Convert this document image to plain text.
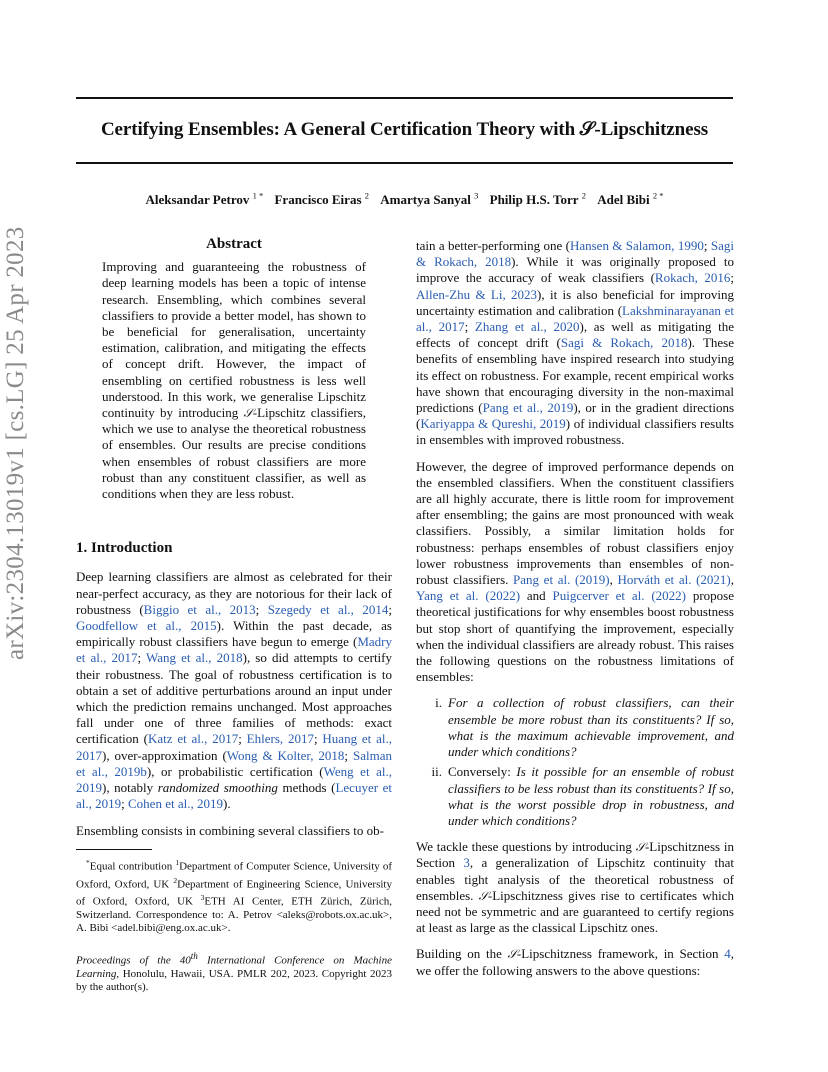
arXiv:2304.13019v1 [cs.LG] 25 Apr 2023
Certifying Ensembles: A General Certification Theory with 𝒮-Lipschitzness
Aleksandar Petrov $^{1 *}$ Francisco Eiras $^2$ Amartya Sanyal $^3$ Philip H.S. Torr $^2$ Adel Bibi $^{2 *}$
Abstract

Improving and guaranteeing the robustness of deep learning models has been a topic of intense research. Ensembling, which combines several classifiers to provide a better model, has shown to be beneficial for generalisation, uncertainty estimation, calibration, and mitigating the effects of concept drift. However, the impact of ensembling on certified robustness is less well understood. In this work, we generalise Lipschitz continuity by introducing 𝒮-Lipschitz classifiers, which we use to analyse the theoretical robustness of ensembles. Our results are precise conditions when ensembles of robust classifiers are more robust than any constituent classifier, as well as conditions when they are less robust.

1. Introduction

Deep learning classifiers are almost as celebrated for their near-perfect accuracy, as they are notorious for their lack of robustness (Biggio et al., 2013; Szegedy et al., 2014; Goodfellow et al., 2015). Within the past decade, as empirically robust classifiers have begun to emerge (Madry et al., 2017; Wang et al., 2018), so did attempts to certify their robustness. The goal of robustness certification is to obtain a set of additive perturbations around an input under which the prediction remains unchanged. Most approaches fall under one of three families of methods: exact certification (Katz et al., 2017; Ehlers, 2017; Huang et al., 2017), over-approximation (Wong & Kolter, 2018; Salman et al., 2019b), or probabilistic certification (Weng et al., 2019), notably randomized smoothing methods (Lecuyer et al., 2019; Cohen et al., 2019).

Ensembling consists in combining several classifiers to ob-

*Equal contribution $^1$Department of Computer Science, University of Oxford, Oxford, UK $^2$Department of Engineering Science, University of Oxford, Oxford, UK $^3$ETH AI Center, ETH Zürich, Zürich, Switzerland. Correspondence to: A. Petrov <aleks@robots.ox.ac.uk>, A. Bibi <adel.bibi@eng.ox.ac.uk>.

Proceedings of the 40th International Conference on Machine Learning, Honolulu, Hawaii, USA. PMLR 202, 2023. Copyright 2023 by the author(s).

tain a better-performing one (Hansen & Salamon, 1990; Sagi & Rokach, 2018). While it was originally proposed to improve the accuracy of weak classifiers (Rokach, 2016; Allen-Zhu & Li, 2023), it is also beneficial for improving uncertainty estimation and calibration (Lakshminarayanan et al., 2017; Zhang et al., 2020), as well as mitigating the effects of concept drift (Sagi & Rokach, 2018). These benefits of ensembling have inspired research into studying its effect on robustness. For example, recent empirical works have shown that encouraging diversity in the non-maximal predictions (Pang et al., 2019), or in the gradient directions (Kariyappa & Qureshi, 2019) of individual classifiers results in ensembles with improved robustness.

However, the degree of improved performance depends on the ensembled classifiers. When the constituent classifiers are all highly accurate, there is little room for improvement after ensembling; the gains are most pronounced with weak classifiers. Possibly, a similar limitation holds for robustness: perhaps ensembles of robust classifiers enjoy lower robustness improvements than ensembles of non-robust classifiers. Pang et al. (2019), Horváth et al. (2021), Yang et al. (2022) and Puigcerver et al. (2022) propose theoretical justifications for why ensembles boost robustness but stop short of quantifying the improvement, especially when the individual classifiers are already robust. This raises the following questions on the robustness limitations of ensembles:

i. For a collection of robust classifiers, can their ensemble be more robust than its constituents? If so, what is the maximum achievable improvement, and under which conditions?
ii. Conversely: Is it possible for an ensemble of robust classifiers to be less robust than its constituents? If so, what is the worst possible drop in robustness, and under which conditions?

We tackle these questions by introducing 𝒮-Lipschitzness in Section 3, a generalization of Lipschitz continuity that enables tight analysis of the theoretical robustness of ensembles. 𝒮-Lipschitzness gives rise to certificates which need not be symmetric and are guaranteed to certify regions at least as large as the classical Lipschitz ones.

Building on the 𝒮-Lipschitzness framework, in Section 4, we offer the following answers to the above questions:
